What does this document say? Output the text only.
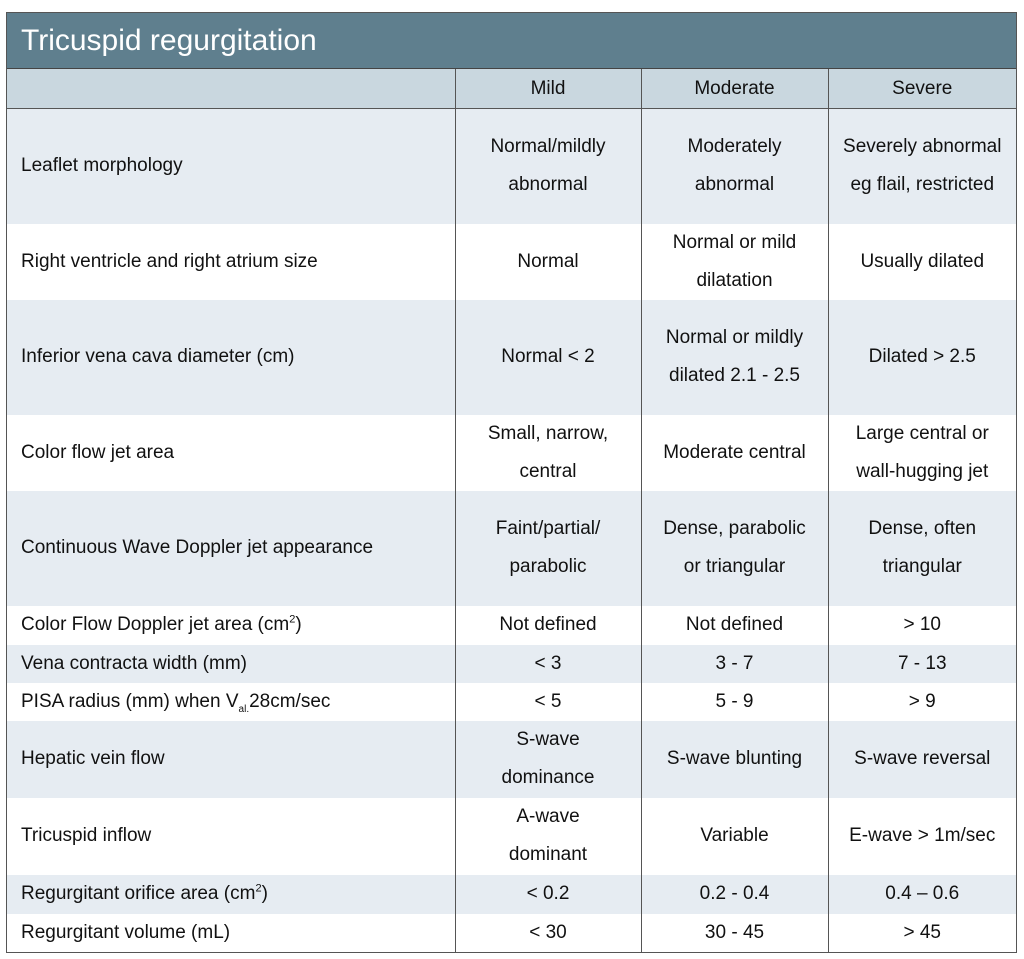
Tricuspid regurgitation
	Mild	Moderate	Severe
Leaflet morphology	Normal/mildly abnormal	Moderately abnormal	Severely abnormal eg flail, restricted
Right ventricle and right atrium size	Normal	Normal or mild dilatation	Usually dilated
Inferior vena cava diameter (cm)	Normal < 2	Normal or mildly dilated 2.1 - 2.5	Dilated > 2.5
Color flow jet area	Small, narrow, central	Moderate central	Large central or wall-hugging jet
Continuous Wave Doppler jet appearance	Faint/partial/ parabolic	Dense, parabolic or triangular	Dense, often triangular
Color Flow Doppler jet area $(cm^2)$	Not defined	Not defined	> 10
Vena contracta width (mm)	< 3	3 - 7	7 - 13
PISA radius (mm) when $V_{al.}28cm/\sec$	< 5	5 - 9	> 9
Hepatic vein flow	S-wave dominance	S-wave blunting	S-wave reversal
Tricuspid inflow	A-wave dominant	Variable	E-wave > 1m/sec
Regurgitant orifice area $(cm^2)$	< 0.2	0.2 - 0.4	0.4 – 0.6
Regurgitant volume (mL)	< 30	30 - 45	> 45
